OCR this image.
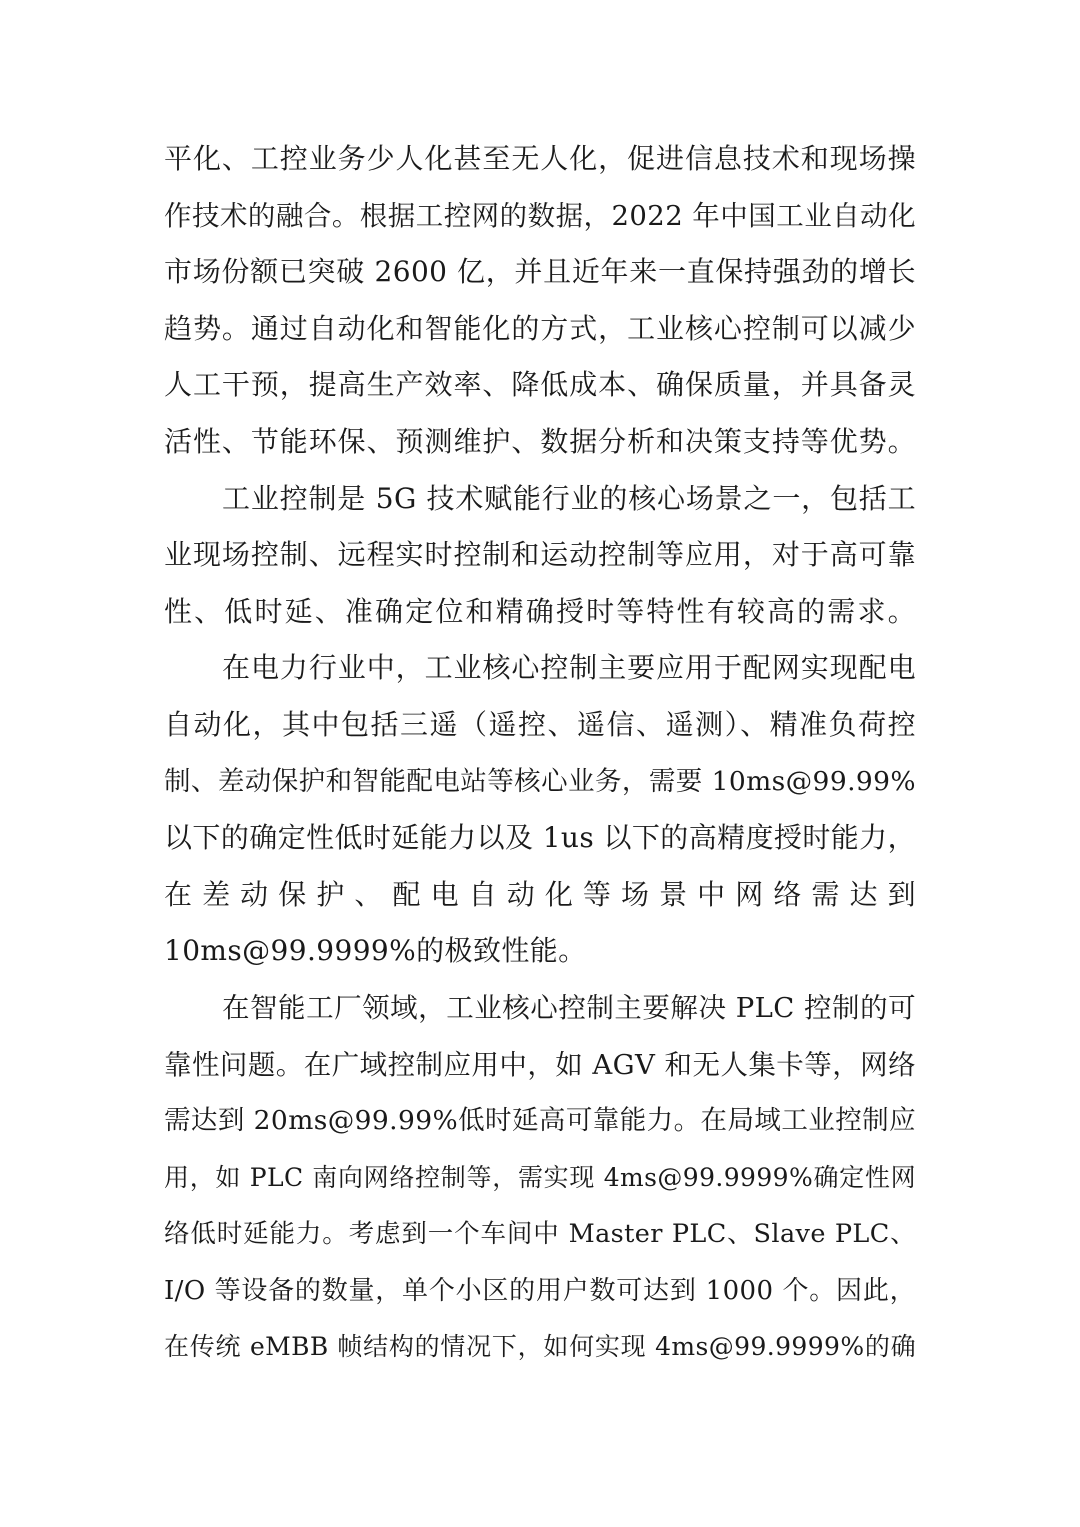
平化、工控业务少人化甚至无人化，促进信息技术和现场操
作技术的融合。根据工控网的数据，2022 年中国工业自动化
市场份额已突破 2600 亿，并且近年来一直保持强劲的增长
趋势。通过自动化和智能化的方式，工业核心控制可以减少
人工干预，提高生产效率、降低成本、确保质量，并具备灵
活性、节能环保、预测维护、数据分析和决策支持等优势。
工业控制是 5G 技术赋能行业的核心场景之一，包括工
业现场控制、远程实时控制和运动控制等应用，对于高可靠
性、低时延、准确定位和精确授时等特性有较高的需求。
在电力行业中，工业核心控制主要应用于配网实现配电
自动化，其中包括三遥（遥控、遥信、遥测）、精准负荷控
制、差动保护和智能配电站等核心业务，需要 10ms@99.99%
以下的确定性低时延能力以及 1us 以下的高精度授时能力，
在差动保护、配电自动化等场景中网络需达到
10ms@99.9999%的极致性能。
在智能工厂领域，工业核心控制主要解决 PLC 控制的可
靠性问题。在广域控制应用中，如 AGV 和无人集卡等，网络
需达到 20ms@99.99%低时延高可靠能力。在局域工业控制应
用，如 PLC 南向网络控制等，需实现 4ms@99.9999%确定性网
络低时延能力。考虑到一个车间中 Master PLC、Slave PLC、
I/O 等设备的数量，单个小区的用户数可达到 1000 个。因此，
在传统 eMBB 帧结构的情况下，如何实现 4ms@99.9999%的确
